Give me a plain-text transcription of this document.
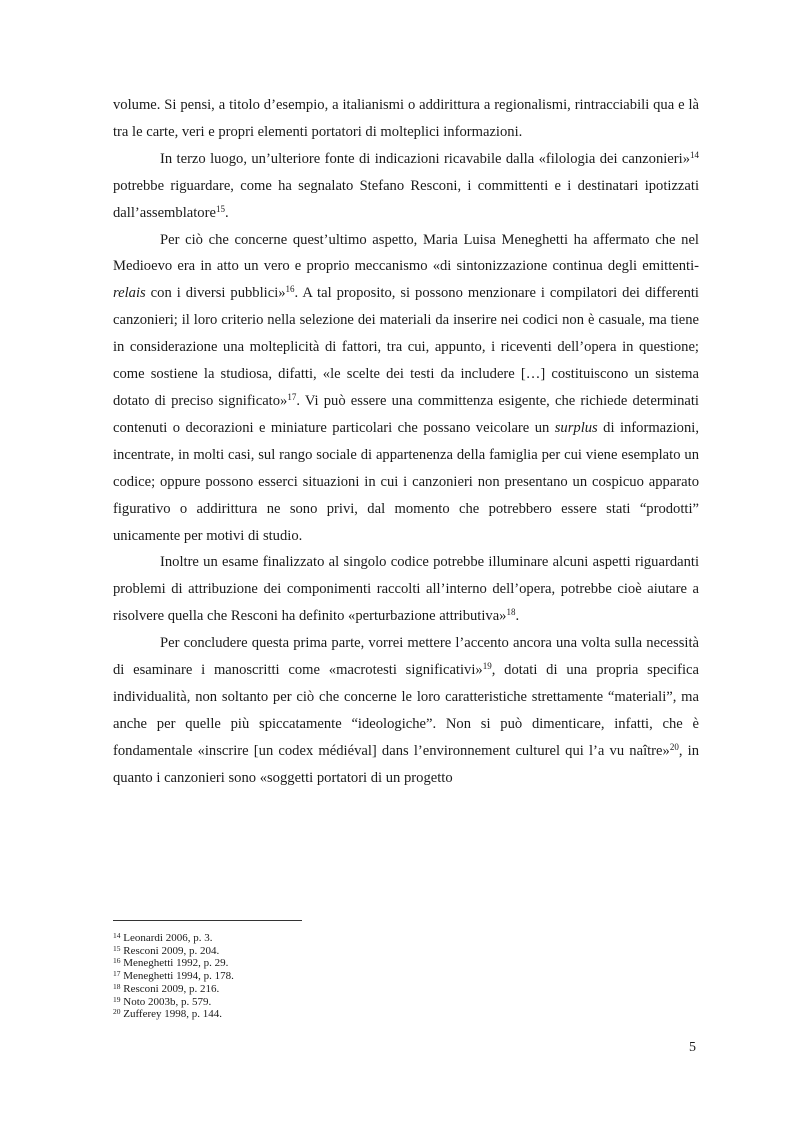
volume. Si pensi, a titolo d’esempio, a italianismi o addirittura a regionalismi, rintracciabili qua e là tra le carte, veri e propri elementi portatori di molteplici informazioni.

In terzo luogo, un’ulteriore fonte di indicazioni ricavabile dalla «filologia dei canzonieri»$^{14}$ potrebbe riguardare, come ha segnalato Stefano Resconi, i committenti e i destinatari ipotizzati dall’assemblatore$^{15}$.

Per ciò che concerne quest’ultimo aspetto, Maria Luisa Meneghetti ha affermato che nel Medioevo era in atto un vero e proprio meccanismo «di sintonizzazione continua degli emittenti-relais con i diversi pubblici»$^{16}$. A tal proposito, si possono menzionare i compilatori dei differenti canzonieri; il loro criterio nella selezione dei materiali da inserire nei codici non è casuale, ma tiene in considerazione una molteplicità di fattori, tra cui, appunto, i riceventi dell’opera in questione; come sostiene la studiosa, difatti, «le scelte dei testi da includere […] costituiscono un sistema dotato di preciso significato»$^{17}$. Vi può essere una committenza esigente, che richiede determinati contenuti o decorazioni e miniature particolari che possano veicolare un surplus di informazioni, incentrate, in molti casi, sul rango sociale di appartenenza della famiglia per cui viene esemplato un codice; oppure possono esserci situazioni in cui i canzonieri non presentano un cospicuo apparato figurativo o addirittura ne sono privi, dal momento che potrebbero essere stati “prodotti” unicamente per motivi di studio.

Inoltre un esame finalizzato al singolo codice potrebbe illuminare alcuni aspetti riguardanti problemi di attribuzione dei componimenti raccolti all’interno dell’opera, potrebbe cioè aiutare a risolvere quella che Resconi ha definito «perturbazione attributiva»$^{18}$.

Per concludere questa prima parte, vorrei mettere l’accento ancora una volta sulla necessità di esaminare i manoscritti come «macrotesti significativi»$^{19}$, dotati di una propria specifica individualità, non soltanto per ciò che concerne le loro caratteristiche strettamente “materiali”, ma anche per quelle più spiccatamente “ideologiche”. Non si può dimenticare, infatti, che è fondamentale «inscrire [un codex médiéval] dans l’environnement culturel qui l’a vu naître»$^{20}$, in quanto i canzonieri sono «soggetti portatori di un progetto

$^{14}$ Leonardi 2006, p. 3.

$^{15}$ Resconi 2009, p. 204.

$^{16}$ Meneghetti 1992, p. 29.

$^{17}$ Meneghetti 1994, p. 178.

$^{18}$ Resconi 2009, p. 216.

$^{19}$ Noto 2003b, p. 579.

$^{20}$ Zufferey 1998, p. 144.

5
